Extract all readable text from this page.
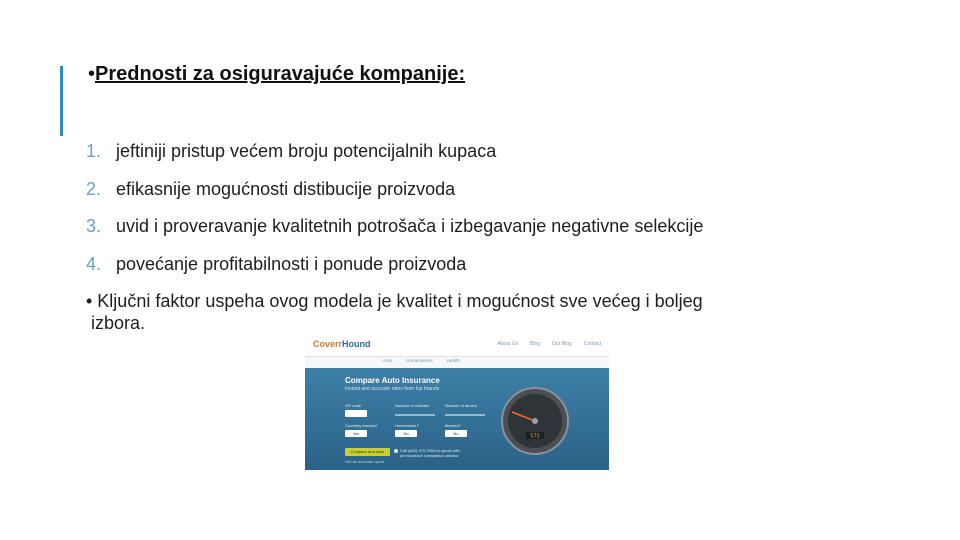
•Prednosti za osiguravajuće kompanije:
1. jeftiniji pristup većem broju potencijalnih kupaca
2. efikasnije mogućnosti distibucije proizvoda
3. uvid i proveravanje kvalitetnih potrošača i izbegavanje negativne selekcije
4. povećanje profitabilnosti i ponude proizvoda
• Ključni faktor uspeha ovog modela je kvalitet i mogućnost sve većeg i boljeg
izbora.
CoverrHound	About Us Blog Our Blog Contact
Auto	Homeowners	Health
Compare Auto Insurance
Instant and accurate rates from top brands
ZIP code	Number of vehicles	Number of drivers
Currently insured?
Yes
Homeowner?
No
Married?
No
Compare and save
Get an accurate quote
Call (800) 979-7900 to speak with an insurance comparison advisor
575
